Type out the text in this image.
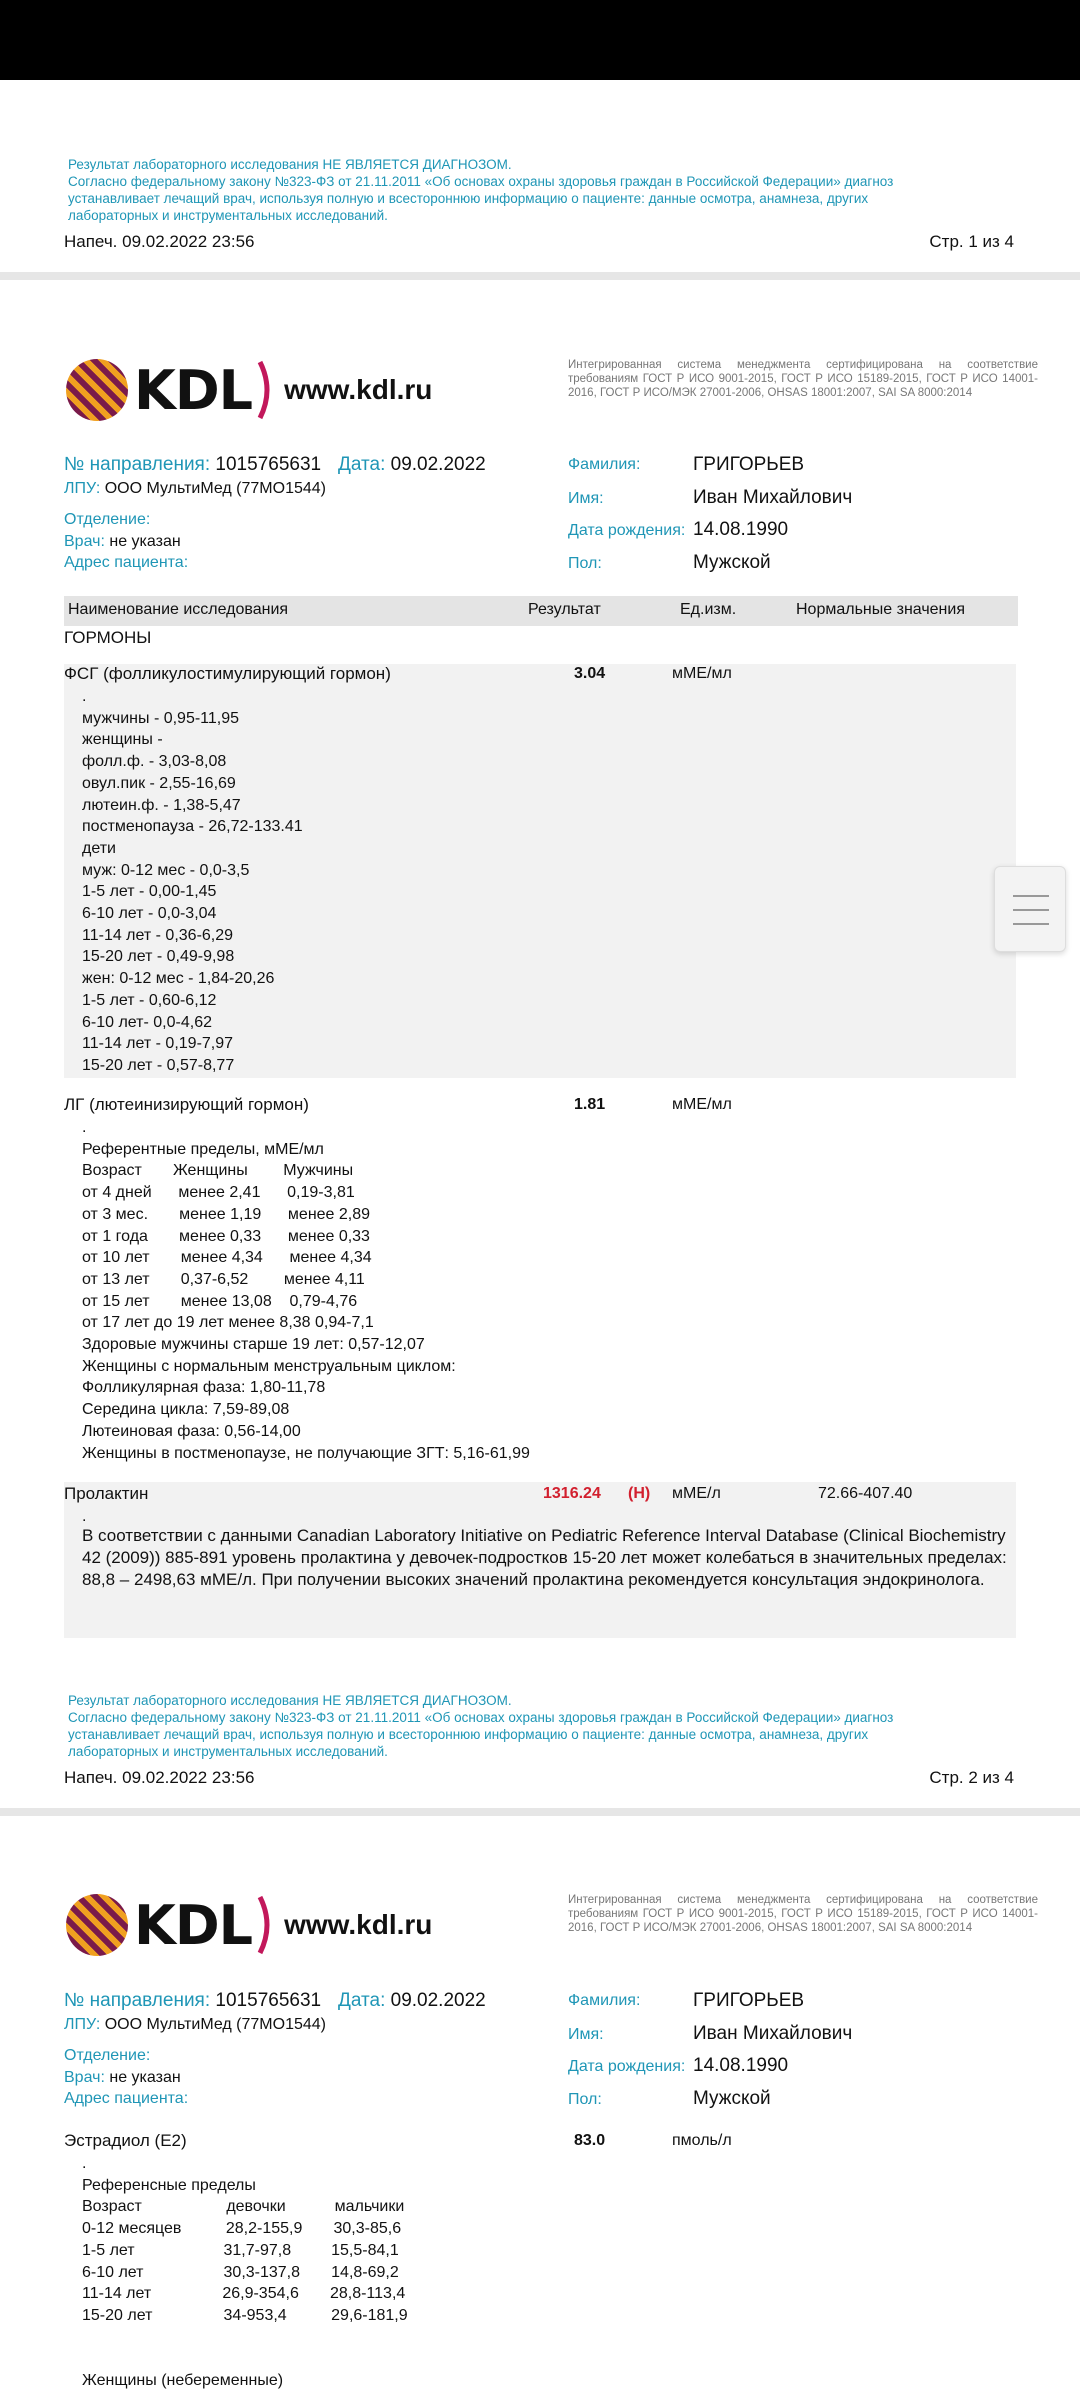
Результат лабораторного исследования НЕ ЯВЛЯЕТСЯ ДИАГНОЗОМ.
Согласно федеральному закону №323-ФЗ от 21.11.2011 «Об основах охраны здоровья граждан в Российской Федерации» диагноз
устанавливает лечащий врач, используя полную и всестороннюю информацию о пациенте: данные осмотра, анамнеза, других
лабораторных и инструментальных исследований.
Напеч. 09.02.2022 23:56	Стр. 1 из 4
KDL www.kdl.ru
Интегрированная система менеджмента сертифицирована на соответствие требованиям ГОСТ Р ИСО 9001-2015, ГОСТ Р ИСО 15189-2015, ГОСТ Р ИСО 14001-2016, ГОСТ Р ИСО/МЭК 27001-2006, OHSAS 18001:2007, SAI SA 8000:2014
№ направления: 1015765631 Дата: 09.02.2022
ЛПУ: ООО МультиМед (77МО1544)
Отделение:
Врач: не указан
Адрес пациента:
Фамилия:	ГРИГОРЬЕВ
Имя:	Иван Михайлович
Дата рождения: 14.08.1990
Пол:	Мужской
Наименование исследования	Результат	Ед.изм.	Нормальные значения
ГОРМОНЫ
ФСГ (фолликулостимулирующий гормон)	3.04	мМЕ/мл
.
мужчины - 0,95-11,95
женщины -
фолл.ф. - 3,03-8,08
овул.пик - 2,55-16,69
лютеин.ф. - 1,38-5,47
постменопауза - 26,72-133.41
дети
муж: 0-12 мес - 0,0-3,5
1-5 лет - 0,00-1,45
6-10 лет - 0,0-3,04
11-14 лет - 0,36-6,29
15-20 лет - 0,49-9,98
жен: 0-12 мес - 1,84-20,26
1-5 лет - 0,60-6,12
6-10 лет- 0,0-4,62
11-14 лет - 0,19-7,97
15-20 лет - 0,57-8,77
ЛГ (лютеинизирующий гормон)	1.81	мМЕ/мл
.
Референтные пределы, мМЕ/мл
Возраст       Женщины        Мужчины
от 4 дней      менее 2,41      0,19-3,81
от 3 мес.       менее 1,19      менее 2,89
от 1 года       менее 0,33      менее 0,33
от 10 лет       менее 4,34      менее 4,34
от 13 лет       0,37-6,52        менее 4,11
от 15 лет       менее 13,08    0,79-4,76
от 17 лет до 19 лет менее 8,38 0,94-7,1
Здоровые мужчины старше 19 лет: 0,57-12,07
Женщины с нормальным менструальным циклом:
Фолликулярная фаза: 1,80-11,78
Середина цикла: 7,59-89,08
Лютеиновая фаза: 0,56-14,00
Женщины в постменопаузе, не получающие ЗГТ: 5,16-61,99
Пролактин	1316.24 (H) мМЕ/л	72.66-407.40
.
В соответствии с данными Canadian Laboratory Initiative on Pediatric Reference Interval Database (Clinical Biochemistry 42 (2009)) 885-891 уровень пролактина у девочек-подростков 15-20 лет может колебаться в значительных пределах: 88,8 – 2498,63 мМЕ/л. При получении высоких значений пролактина рекомендуется консультация эндокринолога.
Результат лабораторного исследования НЕ ЯВЛЯЕТСЯ ДИАГНОЗОМ.
Согласно федеральному закону №323-ФЗ от 21.11.2011 «Об основах охраны здоровья граждан в Российской Федерации» диагноз
устанавливает лечащий врач, используя полную и всестороннюю информацию о пациенте: данные осмотра, анамнеза, других
лабораторных и инструментальных исследований.
Напеч. 09.02.2022 23:56	Стр. 2 из 4
KDL www.kdl.ru
Интегрированная система менеджмента сертифицирована на соответствие требованиям ГОСТ Р ИСО 9001-2015, ГОСТ Р ИСО 15189-2015, ГОСТ Р ИСО 14001-2016, ГОСТ Р ИСО/МЭК 27001-2006, OHSAS 18001:2007, SAI SA 8000:2014
№ направления: 1015765631 Дата: 09.02.2022
ЛПУ: ООО МультиМед (77МО1544)
Отделение:
Врач: не указан
Адрес пациента:
Фамилия:	ГРИГОРЬЕВ
Имя:	Иван Михайлович
Дата рождения: 14.08.1990
Пол:	Мужской
Эстрадиол (Е2)	83.0	пмоль/л
.
Референсные пределы
Возраст                   девочки           мальчики
0-12 месяцев          28,2-155,9       30,3-85,6
1-5 лет                    31,7-97,8         15,5-84,1
6-10 лет                  30,3-137,8       14,8-69,2
11-14 лет                26,9-354,6       28,8-113,4
15-20 лет                34-953,4          29,6-181,9
Женщины (небеременные)
